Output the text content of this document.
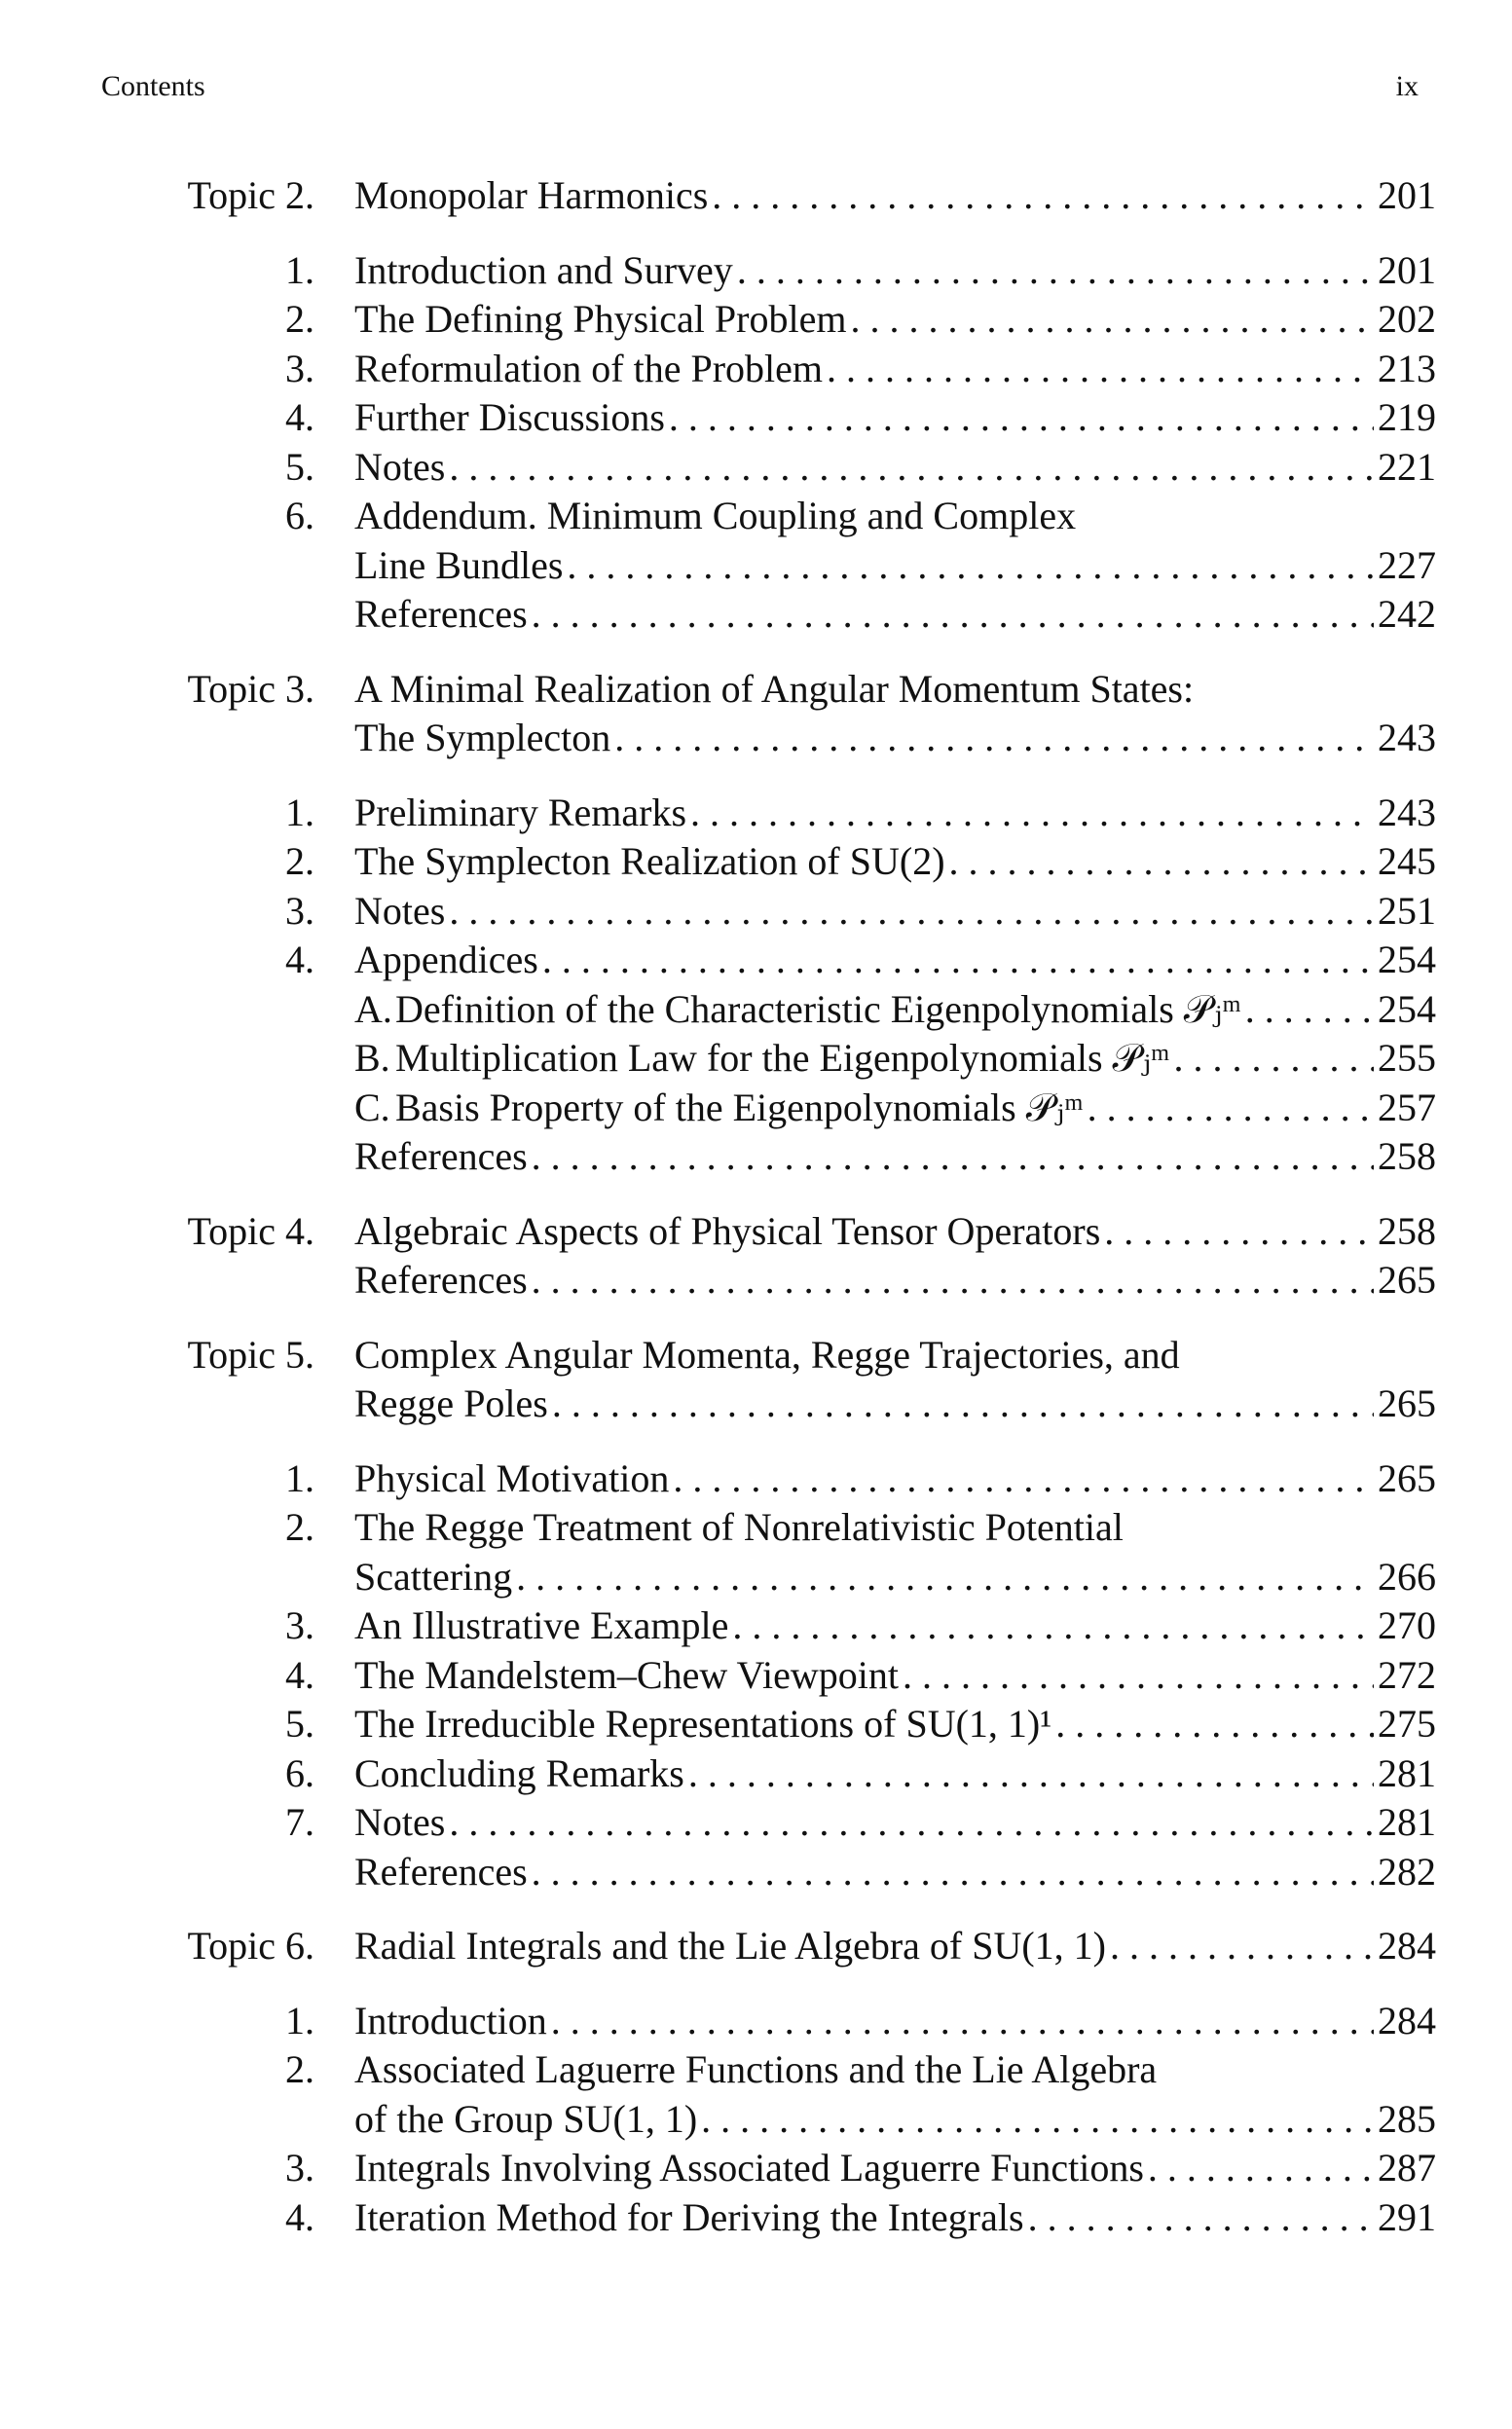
Contents	ix
Topic 2.	Monopolar Harmonics . . .	201
1.	Introduction and Survey . . .	201
2.	The Defining Physical Problem . . .	202
3.	Reformulation of the Problem . . .	213
4.	Further Discussions . . .	219
5.	Notes . . .	221
6.	Addendum. Minimum Coupling and Complex
Line Bundles . . .	227
References . . .	242
Topic 3.	A Minimal Realization of Angular Momentum States:
The Symplecton . . .	243
1.	Preliminary Remarks . . .	243
2.	The Symplecton Realization of SU(2) . . .	245
3.	Notes . . .	251
4.	Appendices . . .	254
A. Definition of the Characteristic Eigenpolynomials 𝒫ⱼᵐ . . .	254
B. Multiplication Law for the Eigenpolynomials 𝒫ⱼᵐ . . .	255
C. Basis Property of the Eigenpolynomials 𝒫ⱼᵐ . . .	257
References . . .	258
Topic 4.	Algebraic Aspects of Physical Tensor Operators . . .	258
References . . .	265
Topic 5.	Complex Angular Momenta, Regge Trajectories, and
Regge Poles . . .	265
1.	Physical Motivation . . .	265
2.	The Regge Treatment of Nonrelativistic Potential
Scattering . . .	266
3.	An Illustrative Example . . .	270
4.	The Mandelstem–Chew Viewpoint . . .	272
5.	The Irreducible Representations of SU(1, 1)¹ . . .	275
6.	Concluding Remarks . . .	281
7.	Notes . . .	281
References . . .	282
Topic 6.	Radial Integrals and the Lie Algebra of SU(1, 1) . . .	284
1.	Introduction . . .	284
2.	Associated Laguerre Functions and the Lie Algebra
of the Group SU(1, 1) . . .	285
3.	Integrals Involving Associated Laguerre Functions . . .	287
4.	Iteration Method for Deriving the Integrals . . .	291
